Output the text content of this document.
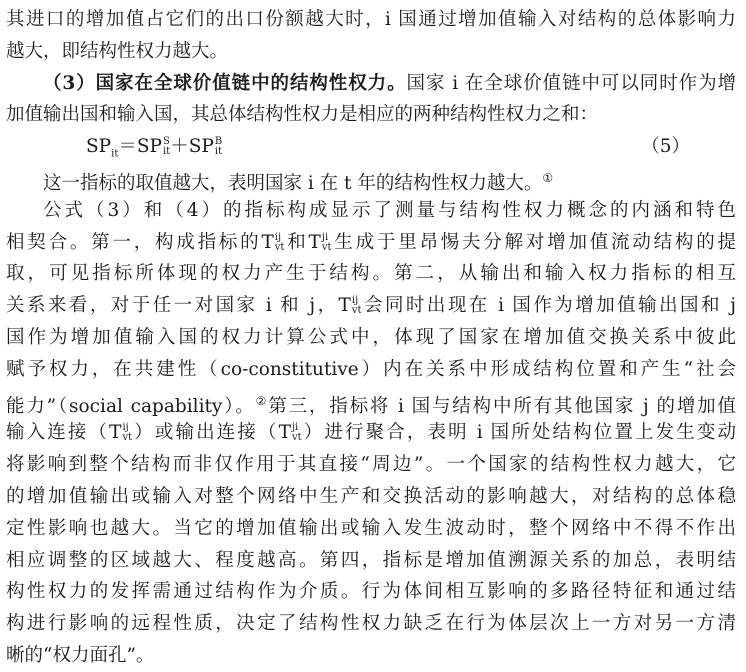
其进口的增加值占它们的出口份额越大时，i 国通过增加值输入对结构的总体影响力
越大，即结构性权力越大。
（3）国家在全球价值链中的结构性权力。国家 i 在全球价值链中可以同时作为增
加值输出国和输入国，其总体结构性权力是相应的两种结构性权力之和：
$SP_{it}=SP$ S
it ＋SP B
it	（5）
这一指标的取值越大，表明国家 i 在 t 年的结构性权力越大。①
公式（3）和（4）的指标构成显示了测量与结构性权力概念的内涵和特色
相契合。第一，构成指标的T ij
vt 和T ji
vt 生成于里昂惕夫分解对增加值流动结构的提
取，可见指标所体现的权力产生于结构。第二，从输出和输入权力指标的相互
关系来看，对于任一对国家 i 和 j，T ij
vt 会同时出现在 i 国作为增加值输出国和 j
国作为增加值输入国的权力计算公式中，体现了国家在增加值交换关系中彼此
赋予权力，在共建性（co-constitutive）内在关系中形成结构位置和产生“社会
能力”（social capability）。②第三，指标将 i 国与结构中所有其他国家 j 的增加值
输入连接（T ij
vt ）或输出连接（T ji
vt ）进行聚合，表明 i 国所处结构位置上发生变动
将影响到整个结构而非仅作用于其直接“周边”。一个国家的结构性权力越大，它
的增加值输出或输入对整个网络中生产和交换活动的影响越大，对结构的总体稳
定性影响也越大。当它的增加值输出或输入发生波动时，整个网络中不得不作出
相应调整的区域越大、程度越高。第四，指标是增加值溯源关系的加总，表明结
构性权力的发挥需通过结构作为介质。行为体间相互影响的多路径特征和通过结
构进行影响的远程性质，决定了结构性权力缺乏在行为体层次上一方对另一方清
晰的“权力面孔”。
